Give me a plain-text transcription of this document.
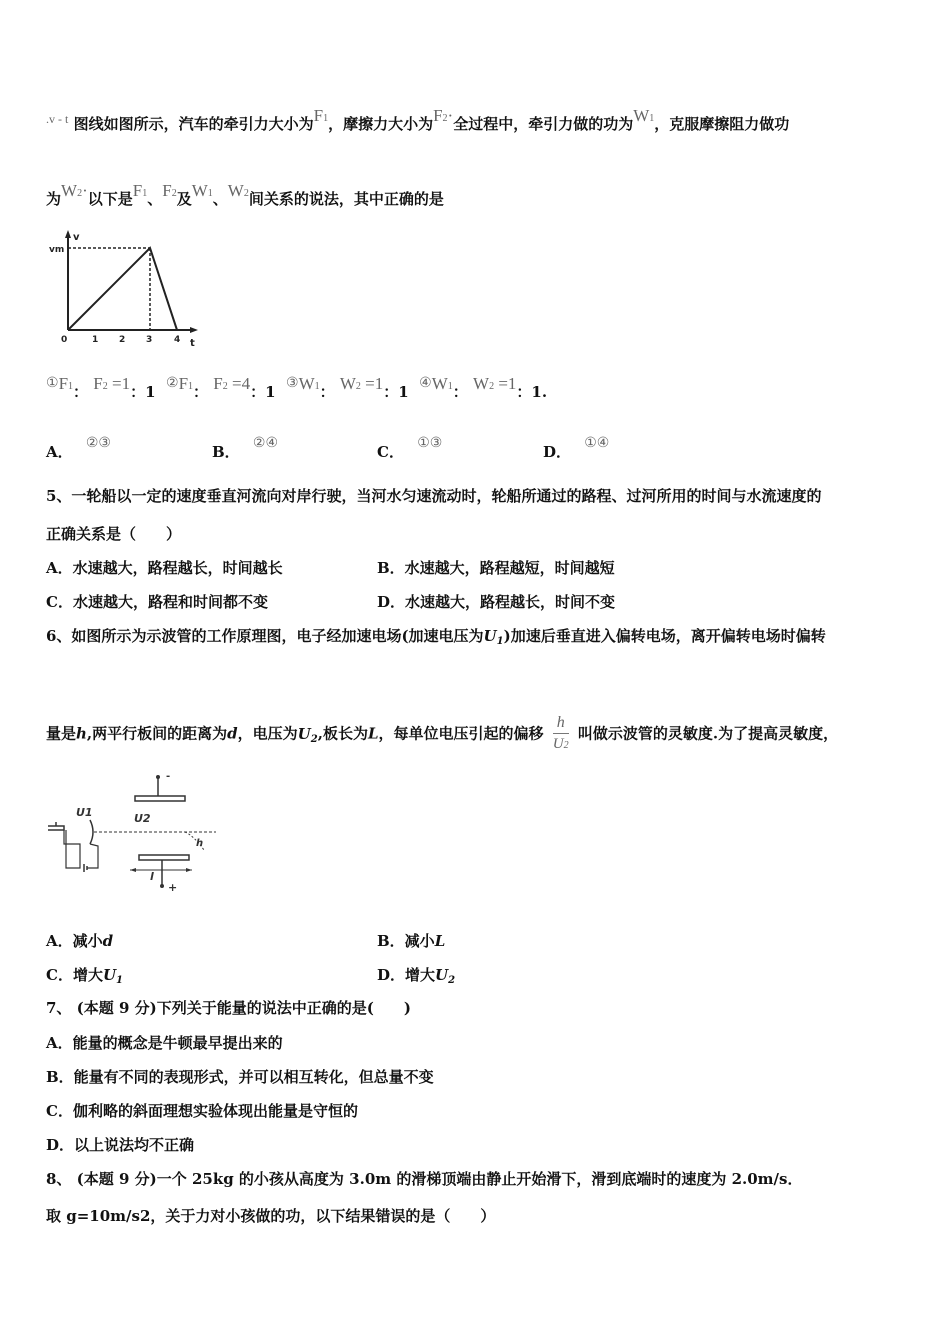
$^{.v - t}$ 图线如图所示，汽车的牵引力大小为F1，摩擦力大小为F2·全过程中，牵引力做的功为W1，克服摩擦阻力做功
为W2·以下是F1、F2及W1、W2间关系的说法，其中正确的是
v
vm
t
0	1 2 3 4
①F1： F2 =1：1 ②F1： F2 =4：1 ③W1： W2 =1：1 ④W1： W2 =1：1.
A． ②③	B． ②④	C． ①③	D． ①④
5、一轮船以一定的速度垂直河流向对岸行驶，当河水匀速流动时，轮船所通过的路程、过河所用的时间与水流速度的
正确关系是（　　）
A．水速越大，路程越长，时间越长	B．水速越大，路程越短，时间越短
C．水速越大，路程和时间都不变	D．水速越大，路程越长，时间不变
6、如图所示为示波管的工作原理图，电子经加速电场(加速电压为$U_1$)加速后垂直进入偏转电场，离开偏转电场时偏转
量是h,两平行板间的距离为d，电压为$U_2$,板长为L，每单位电压引起的偏移 $\frac{h}{U2}$ 叫做示波管的灵敏度.为了提高灵敏度，
-
U2
+
h
U1
l
A．减小d	B．减小L
C．增大$U_1$	D．增大$U_2$
7、 (本题 9 分)下列关于能量的说法中正确的是(　　)
A．能量的概念是牛顿最早提出来的
B．能量有不同的表现形式，并可以相互转化，但总量不变
C．伽利略的斜面理想实验体现出能量是守恒的
D．以上说法均不正确
8、 (本题 9 分)一个 25kg 的小孩从高度为 3.0m 的滑梯顶端由静止开始滑下，滑到底端时的速度为 2.0m/s．
取 g=10m/s2，关于力对小孩做的功，以下结果错误的是（　　）
